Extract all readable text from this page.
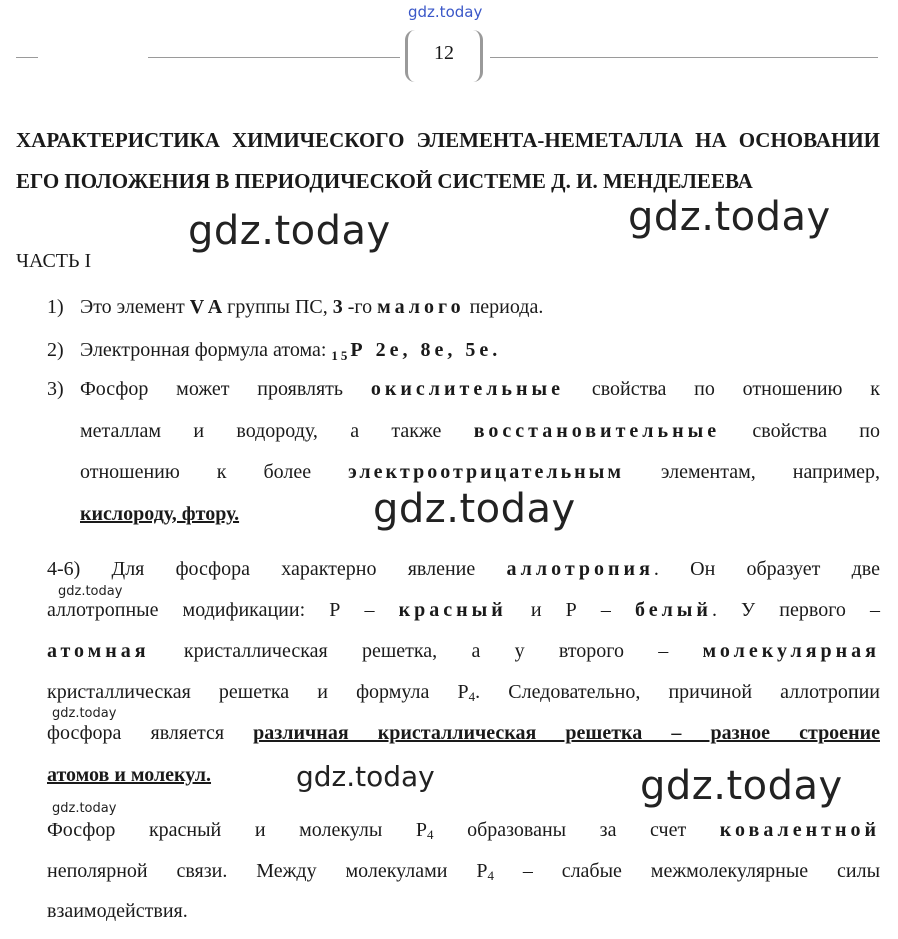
gdz.today
12
ХАРАКТЕРИСТИКА ХИМИЧЕСКОГО ЭЛЕМЕНТА-НЕМЕТАЛЛА НА ОСНОВАНИИ ЕГО ПОЛОЖЕНИЯ В ПЕРИОДИЧЕСКОЙ СИСТЕМЕ Д. И. МЕНДЕЛЕЕВА
ЧАСТЬ I
1) Это элемент V A группы ПС, 3 -го малого периода.
2) Электронная формула атома: $_{15}$Р 2е, 8е, 5е.
3) Фосфор может проявлять окислительные свойства по отношению к
металлам и водороду, а также восстановительные свойства по
отношению к более электроотрицательным элементам, например,
кислороду, фтору.
4-6) Для фосфора характерно явление аллотропия. Он образует две
аллотропные модификации: Р – красный и Р – белый. У первого –
атомная кристаллическая решетка, а у второго – молекулярная
кристаллическая решетка и формула $Р_4$. Следовательно, причиной аллотропии
фосфора является различная кристаллическая решетка – разное строение
атомов и молекул.
Фосфор красный и молекулы $Р_4$ образованы за счет ковалентной
неполярной связи. Между молекулами $Р_4$ – слабые межмолекулярные силы
взаимодействия.
gdz.today	gdz.today
gdz.today
gdz.today	gdz.today
gdz.today
gdz.today
gdz.today
